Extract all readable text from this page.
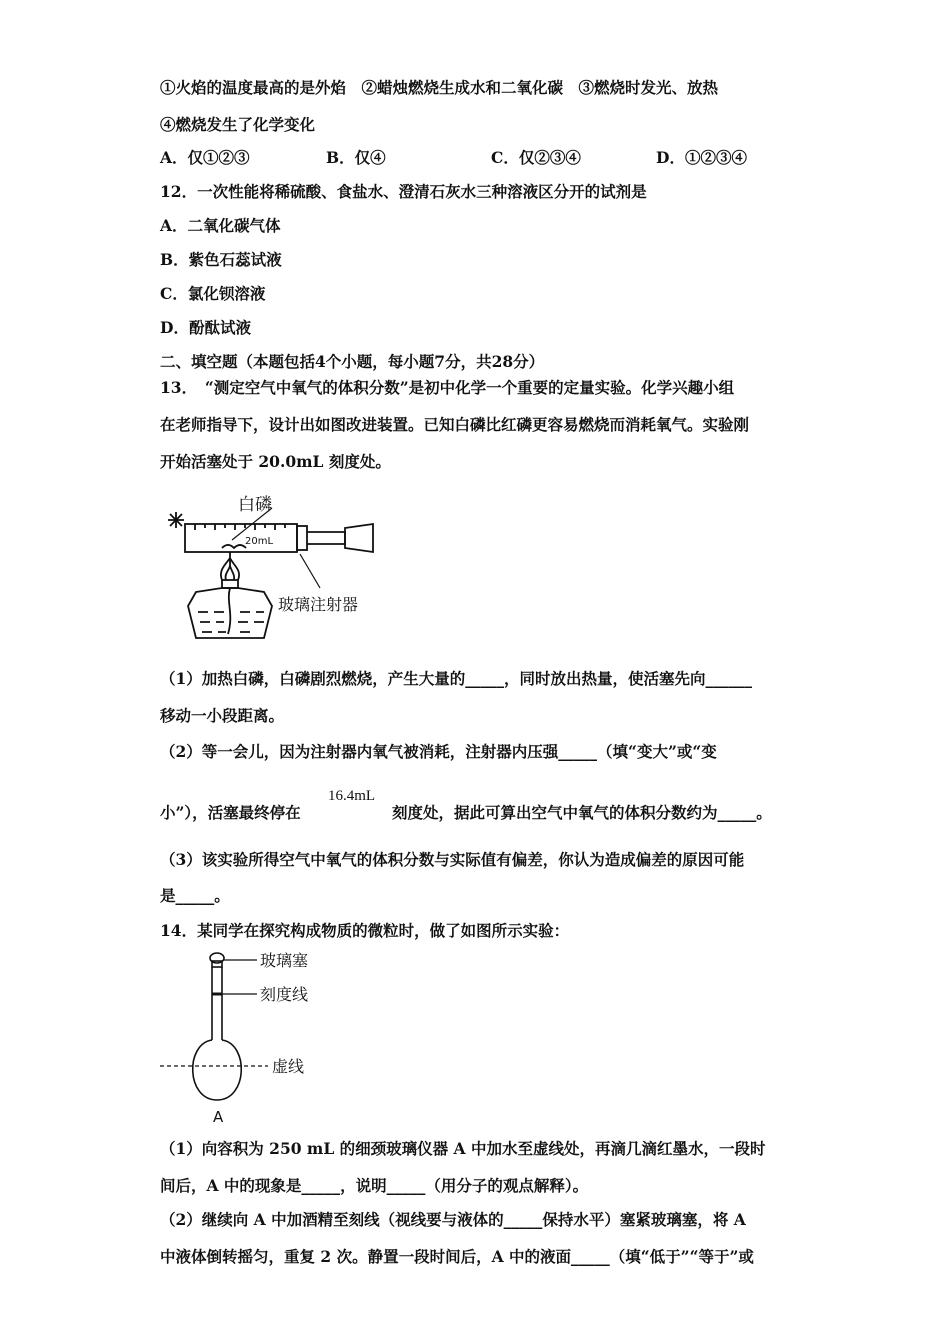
①火焰的温度最高的是外焰　②蜡烛燃烧生成水和二氧化碳　③燃烧时发光、放热
④燃烧发生了化学变化
A．仅①②③	B．仅④	C．仅②③④	D．①②③④
12．一次性能将稀硫酸、食盐水、澄清石灰水三种溶液区分开的试剂是
A．二氧化碳气体
B．紫色石蕊试液
C．氯化钡溶液
D．酚酞试液
二、填空题（本题包括4个小题，每小题7分，共28分）
13．　“测定空气中氧气的体积分数”是初中化学一个重要的定量实验。化学兴趣小组
在老师指导下，设计出如图改进装置。已知白磷比红磷更容易燃烧而消耗氧气。实验刚
开始活塞处于 20.0mL 刻度处。
白磷
20mL
玻璃注射器
（1）加热白磷，白磷剧烈燃烧，产生大量的_____，同时放出热量，使活塞先向______
移动一小段距离。
（2）等一会儿，因为注射器内氧气被消耗，注射器内压强_____（填“变大”或“变
16.4mL
小”），活塞最终停在	刻度处，据此可算出空气中氧气的体积分数约为_____。
（3）该实验所得空气中氧气的体积分数与实际值有偏差，你认为造成偏差的原因可能
是_____。
14．某同学在探究构成物质的微粒时，做了如图所示实验：
玻璃塞
刻度线
虚线
A
（1）向容积为 250 mL 的细颈玻璃仪器 A 中加水至虚线处，再滴几滴红墨水，一段时
间后，A 中的现象是_____，说明_____（用分子的观点解释）。
（2）继续向 A 中加酒精至刻线（视线要与液体的_____保持水平）塞紧玻璃塞，将 A
中液体倒转摇匀，重复 2 次。静置一段时间后，A 中的液面_____（填“低于”“等于”或
